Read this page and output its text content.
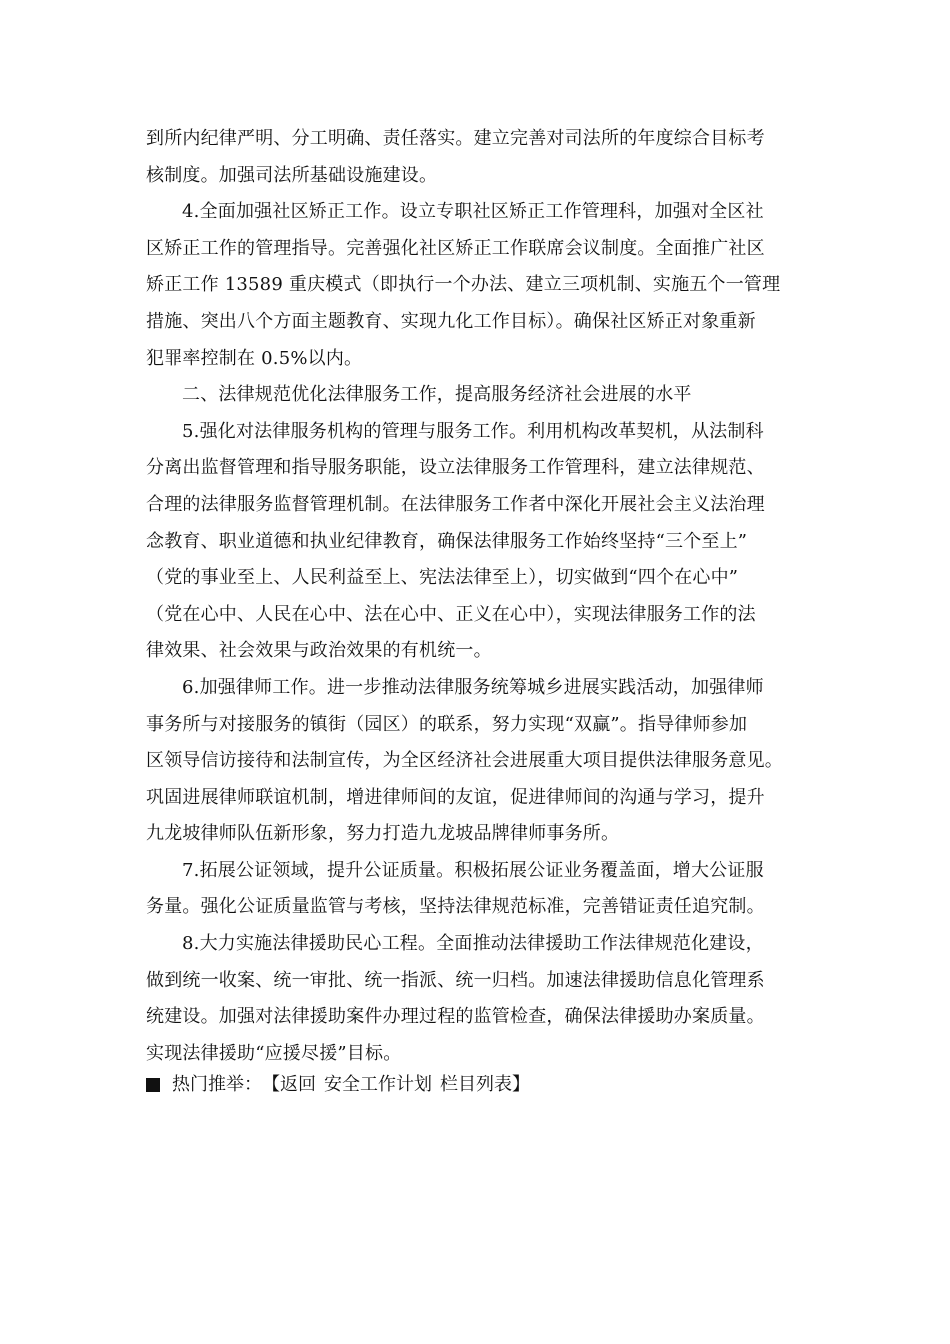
到所内纪律严明、分工明确、责任落实。建立完善对司法所的年度综合目标考
核制度。加强司法所基础设施建设。
4.全面加强社区矫正工作。设立专职社区矫正工作管理科，加强对全区社
区矫正工作的管理指导。完善强化社区矫正工作联席会议制度。全面推广社区
矫正工作 13589 重庆模式（即执行一个办法、建立三项机制、实施五个一管理
措施、突出八个方面主题教育、实现九化工作目标）。确保社区矫正对象重新
犯罪率控制在 0.5%以内。
二、法律规范优化法律服务工作，提高服务经济社会进展的水平
5.强化对法律服务机构的管理与服务工作。利用机构改革契机，从法制科
分离出监督管理和指导服务职能，设立法律服务工作管理科，建立法律规范、
合理的法律服务监督管理机制。在法律服务工作者中深化开展社会主义法治理
念教育、职业道德和执业纪律教育，确保法律服务工作始终坚持“三个至上”
（党的事业至上、人民利益至上、宪法法律至上），切实做到“四个在心中”
（党在心中、人民在心中、法在心中、正义在心中），实现法律服务工作的法
律效果、社会效果与政治效果的有机统一。
6.加强律师工作。进一步推动法律服务统筹城乡进展实践活动，加强律师
事务所与对接服务的镇街（园区）的联系，努力实现“双赢”。指导律师参加
区领导信访接待和法制宣传，为全区经济社会进展重大项目提供法律服务意见。
巩固进展律师联谊机制，增进律师间的友谊，促进律师间的沟通与学习，提升
九龙坡律师队伍新形象，努力打造九龙坡品牌律师事务所。
7.拓展公证领域，提升公证质量。积极拓展公证业务覆盖面，增大公证服
务量。强化公证质量监管与考核，坚持法律规范标准，完善错证责任追究制。
8.大力实施法律援助民心工程。全面推动法律援助工作法律规范化建设，
做到统一收案、统一审批、统一指派、统一归档。加速法律援助信息化管理系
统建设。加强对法律援助案件办理过程的监管检查，确保法律援助办案质量。
实现法律援助“应援尽援”目标。
热门推举： 【 返回 安全工作计划 栏目列表 】
